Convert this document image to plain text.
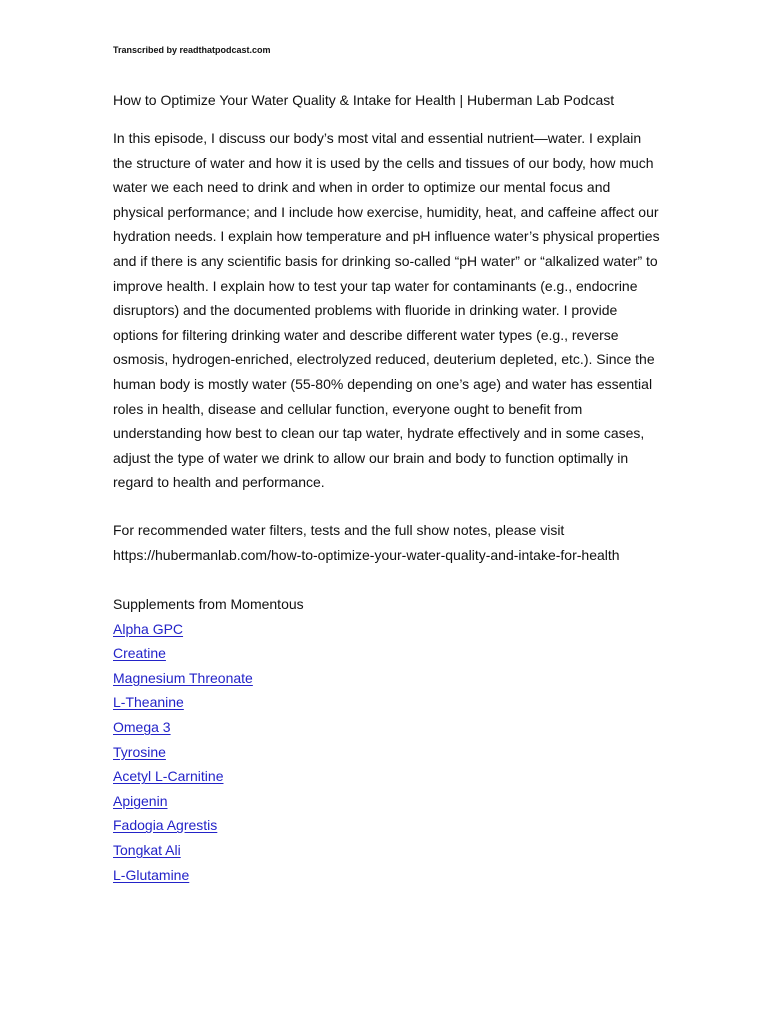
Transcribed by readthatpodcast.com
How to Optimize Your Water Quality & Intake for Health | Huberman Lab Podcast
In this episode, I discuss our body’s most vital and essential nutrient—water. I explain
the structure of water and how it is used by the cells and tissues of our body, how much
water we each need to drink and when in order to optimize our mental focus and
physical performance; and I include how exercise, humidity, heat, and caffeine affect our
hydration needs. I explain how temperature and pH influence water’s physical properties
and if there is any scientific basis for drinking so-called “pH water” or “alkalized water” to
improve health. I explain how to test your tap water for contaminants (e.g., endocrine
disruptors) and the documented problems with fluoride in drinking water. I provide
options for filtering drinking water and describe different water types (e.g., reverse
osmosis, hydrogen-enriched, electrolyzed reduced, deuterium depleted, etc.). Since the
human body is mostly water (55-80% depending on one’s age) and water has essential
roles in health, disease and cellular function, everyone ought to benefit from
understanding how best to clean our tap water, hydrate effectively and in some cases,
adjust the type of water we drink to allow our brain and body to function optimally in
regard to health and performance.
For recommended water filters, tests and the full show notes, please visit
https://hubermanlab.com/how-to-optimize-your-water-quality-and-intake-for-health
Supplements from Momentous
Alpha GPC
Creatine
Magnesium Threonate
L-Theanine
Omega 3
Tyrosine
Acetyl L-Carnitine
Apigenin
Fadogia Agrestis
Tongkat Ali
L-Glutamine
